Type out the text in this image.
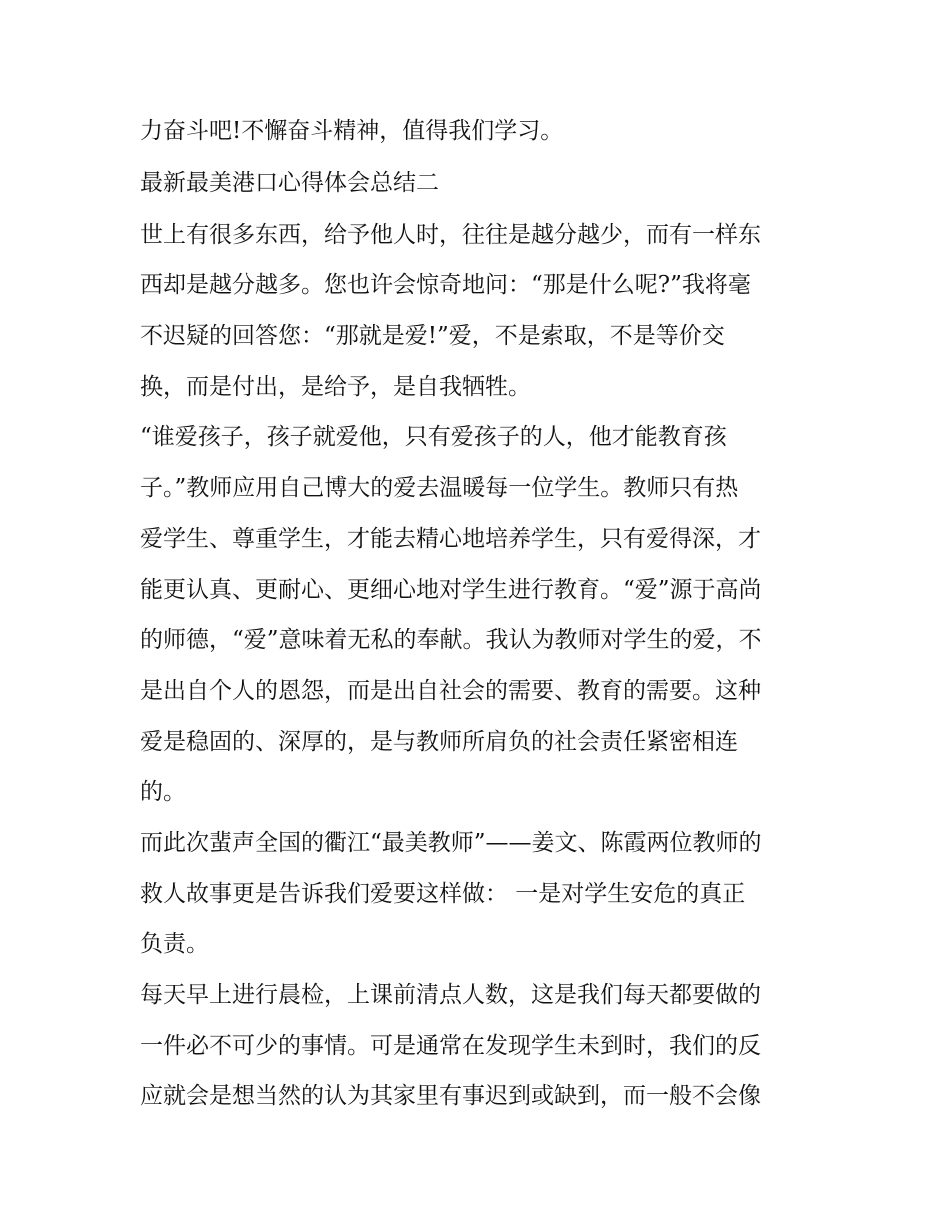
力奋斗吧!不懈奋斗精神，值得我们学习。
最新最美港口心得体会总结二
世上有很多东西，给予他人时，往往是越分越少，而有一样东
西却是越分越多。您也许会惊奇地问：“那是什么呢?”我将毫
不迟疑的回答您：“那就是爱!”爱，不是索取，不是等价交
换，而是付出，是给予，是自我牺牲。
“谁爱孩子，孩子就爱他，只有爱孩子的人，他才能教育孩
子。”教师应用自己博大的爱去温暖每一位学生。教师只有热
爱学生、尊重学生，才能去精心地培养学生，只有爱得深，才
能更认真、更耐心、更细心地对学生进行教育。“爱”源于高尚
的师德，“爱”意味着无私的奉献。我认为教师对学生的爱，不
是出自个人的恩怨，而是出自社会的需要、教育的需要。这种
爱是稳固的、深厚的，是与教师所肩负的社会责任紧密相连
的。
而此次蜚声全国的衢江“最美教师”——姜文、陈霞两位教师的
救人故事更是告诉我们爱要这样做： 一是对学生安危的真正
负责。
每天早上进行晨检，上课前清点人数，这是我们每天都要做的
一件必不可少的事情。可是通常在发现学生未到时，我们的反
应就会是想当然的认为其家里有事迟到或缺到，而一般不会像
